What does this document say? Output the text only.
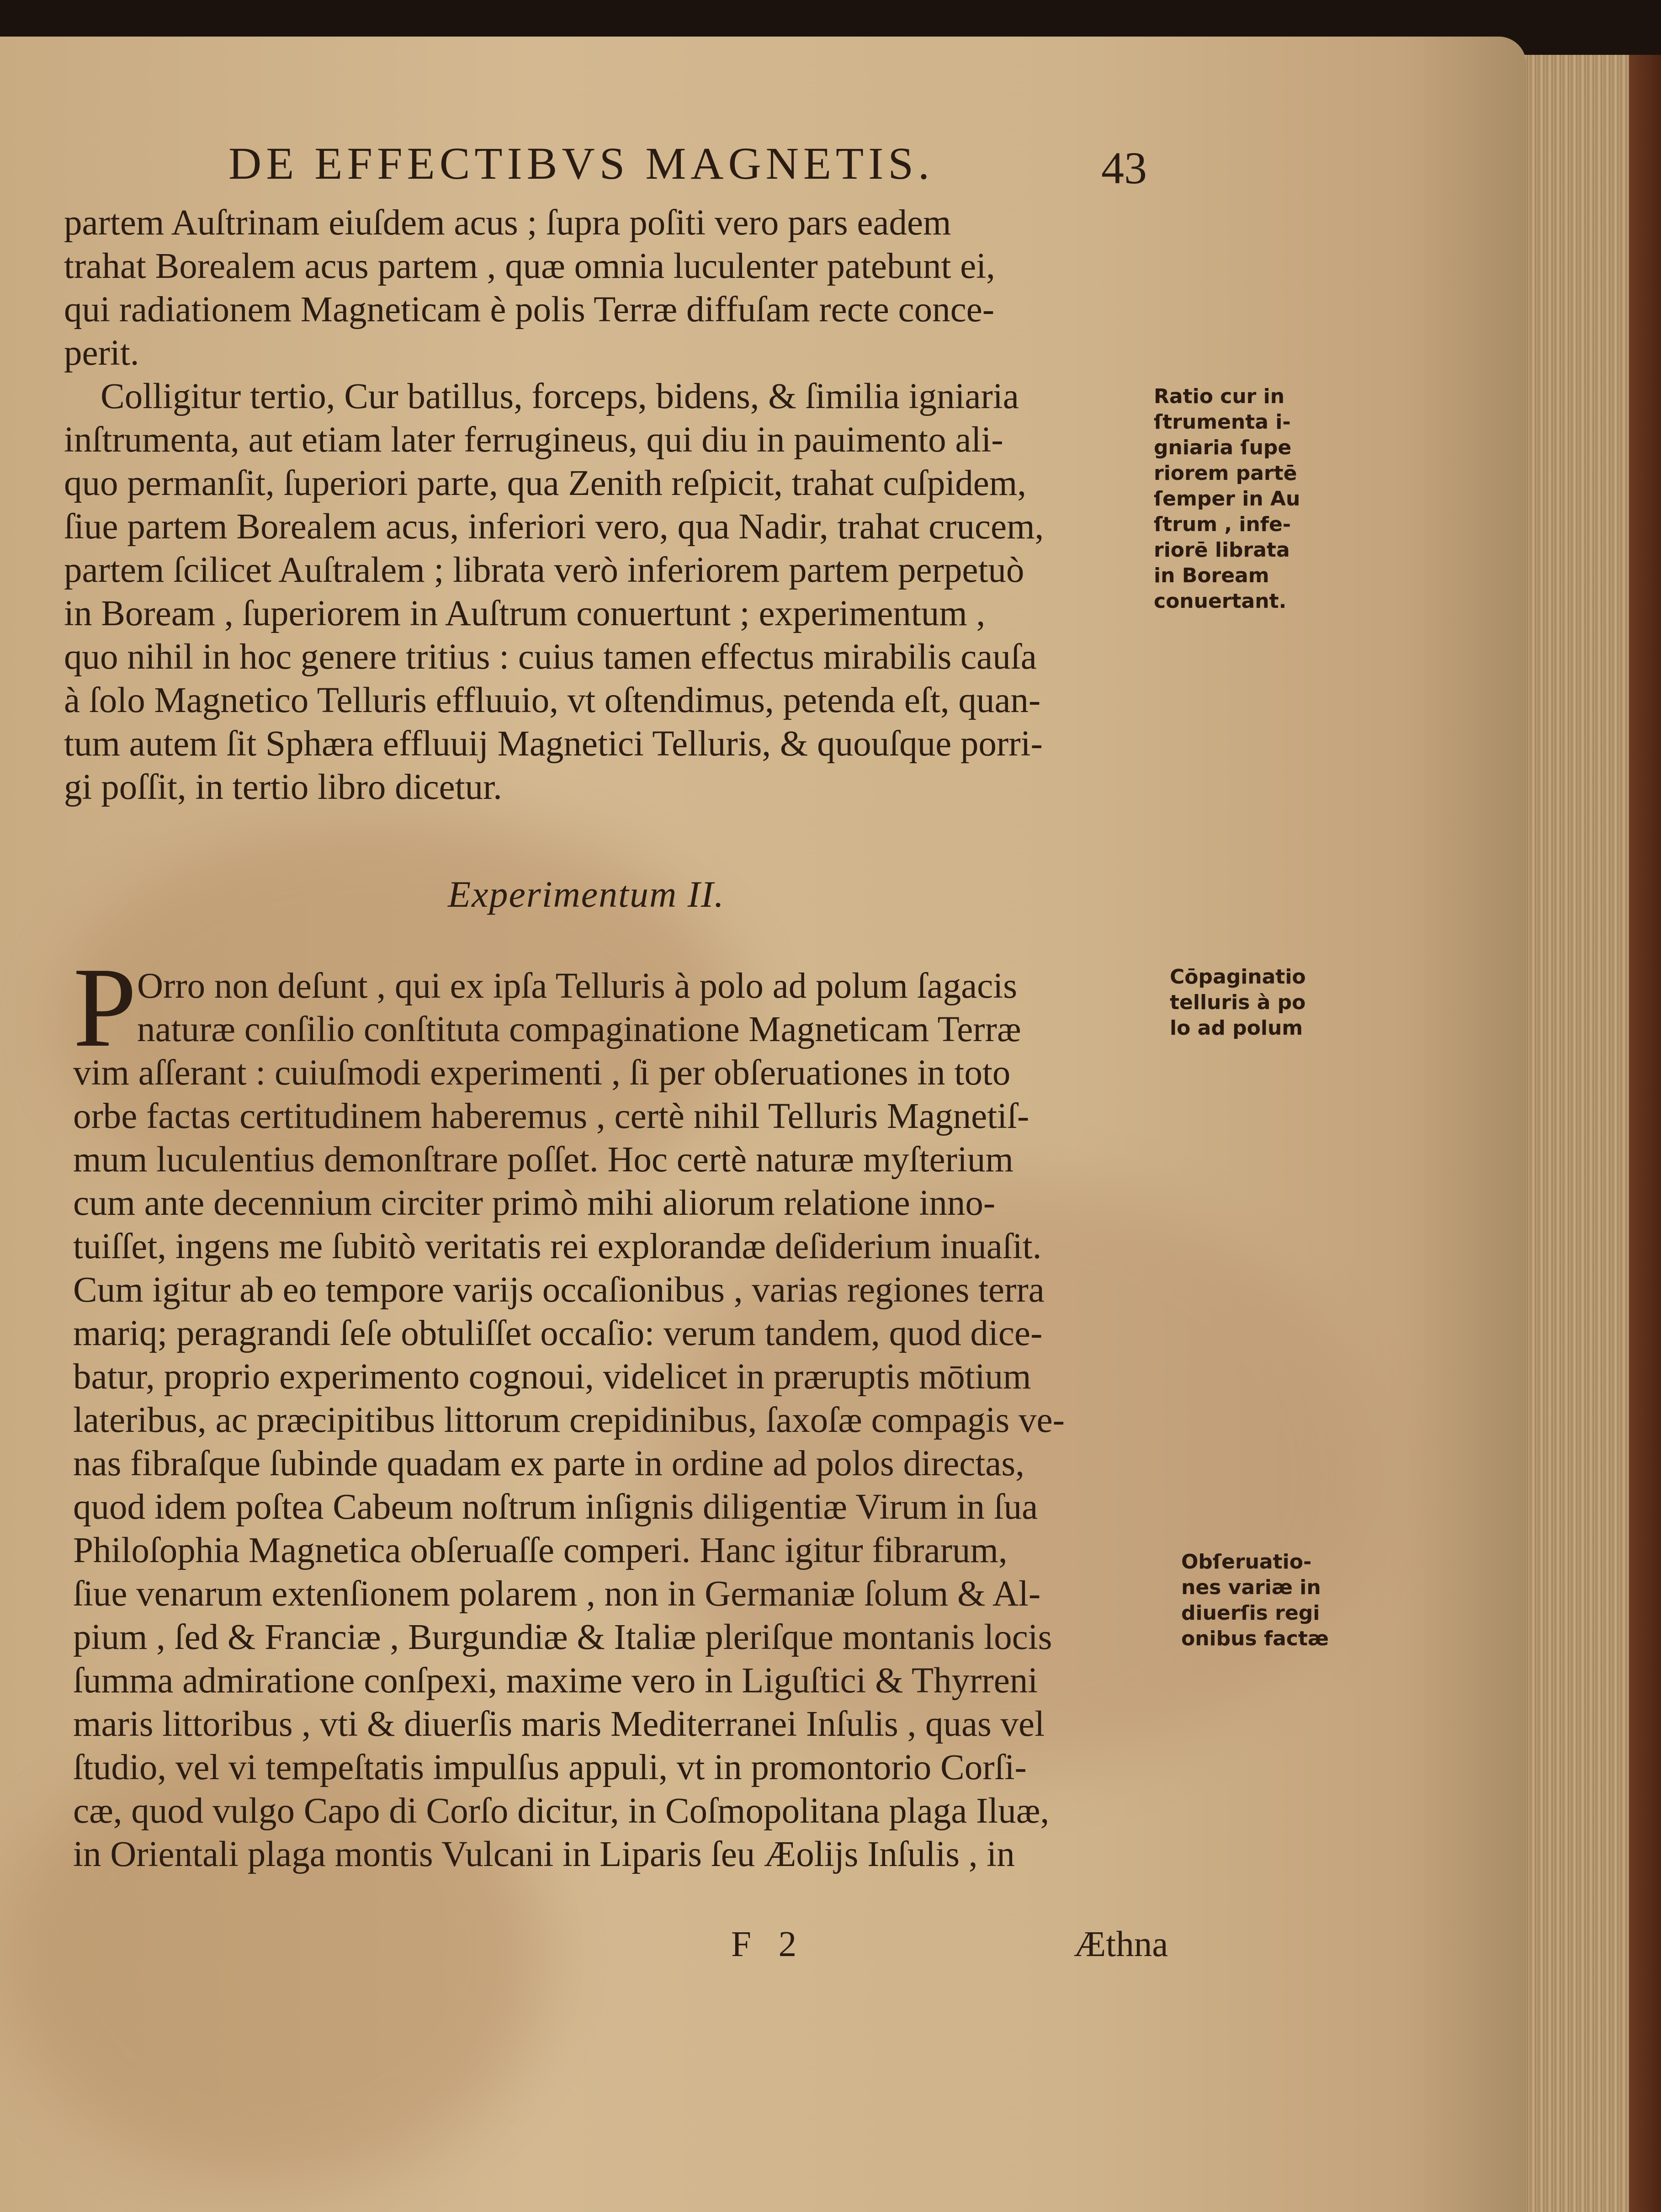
DE EFFECTIBVS MAGNETIS.	43
partem Auſtrinam eiuſdem acus ; ſupra poſiti vero pars eadem
trahat Borealem acus partem , quæ omnia luculenter patebunt ei,
qui radiationem Magneticam è polis Terræ diffuſam recte conce-
perit.
Colligitur tertio, Cur batillus, forceps, bidens, & ſimilia igniaria
inſtrumenta, aut etiam later ferrugineus, qui diu in pauimento ali-
quo permanſit, ſuperiori parte, qua Zenith reſpicit, trahat cuſpidem,
ſiue partem Borealem acus, inferiori vero, qua Nadir, trahat crucem,
partem ſcilicet Auſtralem ; librata verò inferiorem partem perpetuò
in Boream , ſuperiorem in Auſtrum conuertunt ; experimentum ,
quo nihil in hoc genere tritius : cuius tamen effectus mirabilis cauſa
à ſolo Magnetico Telluris effluuio, vt oſtendimus, petenda eſt, quan-
tum autem ſit Sphæra effluuij Magnetici Telluris, & quouſque porri-
gi poſſit, in tertio libro dicetur.
Ratio cur in
ſtrumenta i-
gniaria ſupe
riorem partē
ſemper in Au
ſtrum , infe-
riorē librata
in Boream
conuertant.
Experimentum II.
P Orro non deſunt , qui ex ipſa Telluris à polo ad polum ſagacis
naturæ conſilio conſtituta compaginatione Magneticam Terræ
vim aſſerant : cuiuſmodi experimenti , ſi per obſeruationes in toto
orbe factas certitudinem haberemus , certè nihil Telluris Magnetiſ-
mum luculentius demonſtrare poſſet. Hoc certè naturæ myſterium
cum ante decennium circiter primò mihi aliorum relatione inno-
tuiſſet, ingens me ſubitò veritatis rei explorandæ deſiderium inuaſit.
Cum igitur ab eo tempore varijs occaſionibus , varias regiones terra
mariq; peragrandi ſeſe obtuliſſet occaſio: verum tandem, quod dice-
batur, proprio experimento cognoui, videlicet in præruptis mōtium
lateribus, ac præcipitibus littorum crepidinibus, ſaxoſæ compagis ve-
nas fibraſque ſubinde quadam ex parte in ordine ad polos directas,
quod idem poſtea Cabeum noſtrum inſignis diligentiæ Virum in ſua
Philoſophia Magnetica obſeruaſſe comperi. Hanc igitur fibrarum,
ſiue venarum extenſionem polarem , non in Germaniæ ſolum & Al-
pium , ſed & Franciæ , Burgundiæ & Italiæ pleriſque montanis locis
ſumma admiratione conſpexi, maxime vero in Liguſtici & Thyrreni
maris littoribus , vti & diuerſis maris Mediterranei Inſulis , quas vel
ſtudio, vel vi tempeſtatis impulſus appuli, vt in promontorio Corſi-
cæ, quod vulgo Capo di Corſo dicitur, in Coſmopolitana plaga Iluæ,
in Orientali plaga montis Vulcani in Liparis ſeu Æolijs Inſulis , in
Cōpaginatio
telluris à po
lo ad polum
Obſeruatio-
nes variæ in
diuerſis regi
onibus factæ
F 2	Æthna
